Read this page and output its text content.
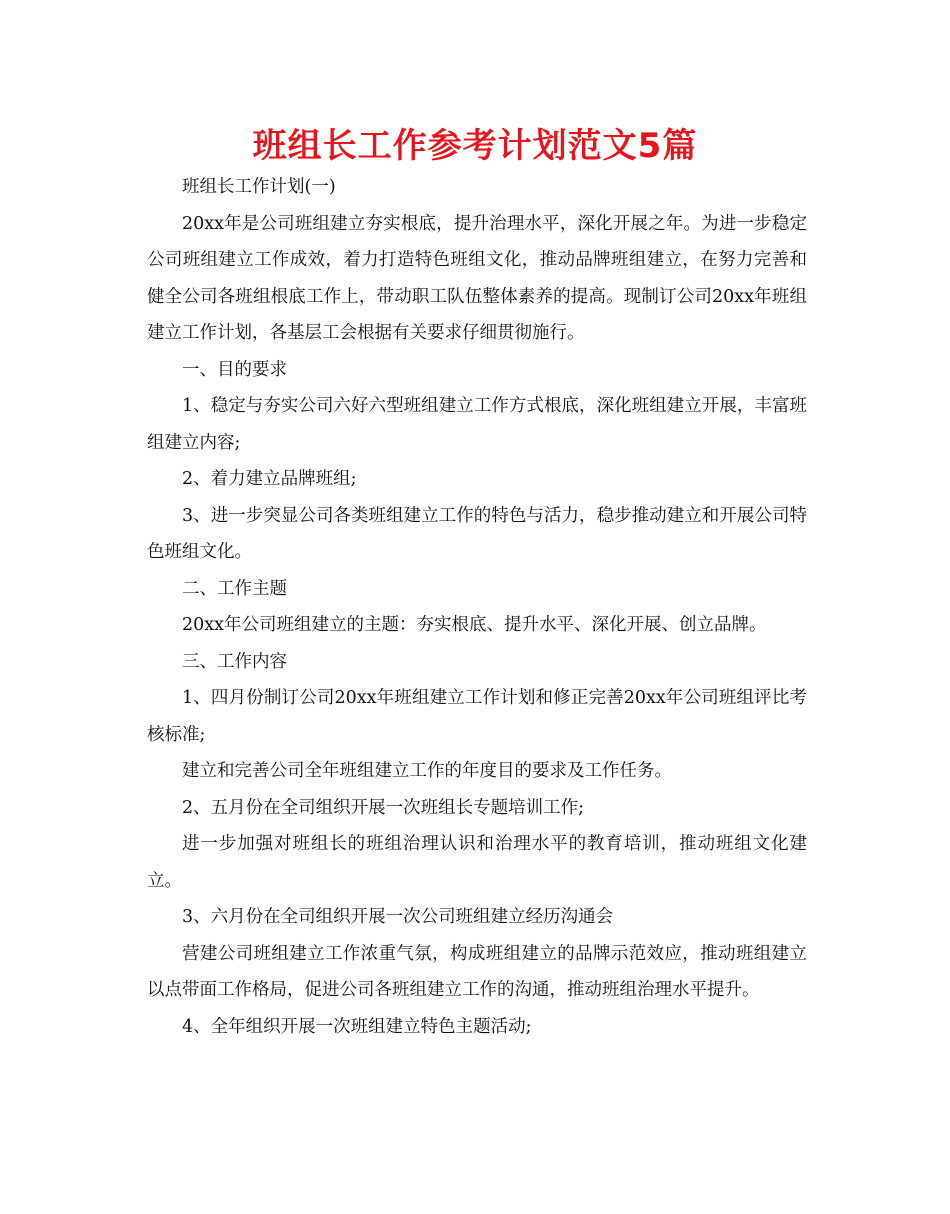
班组长工作参考计划范文5篇

班组长工作计划(一)

20xx年是公司班组建立夯实根底，提升治理水平，深化开展之年。为进一步稳定公司班组建立工作成效，着力打造特色班组文化，推动品牌班组建立，在努力完善和健全公司各班组根底工作上，带动职工队伍整体素养的提高。现制订公司20xx年班组建立工作计划，各基层工会根据有关要求仔细贯彻施行。

一、目的要求

1、稳定与夯实公司六好六型班组建立工作方式根底，深化班组建立开展，丰富班组建立内容;

2、着力建立品牌班组;

3、进一步突显公司各类班组建立工作的特色与活力，稳步推动建立和开展公司特色班组文化。

二、工作主题

20xx年公司班组建立的主题：夯实根底、提升水平、深化开展、创立品牌。

三、工作内容

1、四月份制订公司20xx年班组建立工作计划和修正完善20xx年公司班组评比考核标准;

建立和完善公司全年班组建立工作的年度目的要求及工作任务。

2、五月份在全司组织开展一次班组长专题培训工作;

进一步加强对班组长的班组治理认识和治理水平的教育培训，推动班组文化建立。

3、六月份在全司组织开展一次公司班组建立经历沟通会

营建公司班组建立工作浓重气氛，构成班组建立的品牌示范效应，推动班组建立以点带面工作格局，促进公司各班组建立工作的沟通，推动班组治理水平提升。

4、全年组织开展一次班组建立特色主题活动;
